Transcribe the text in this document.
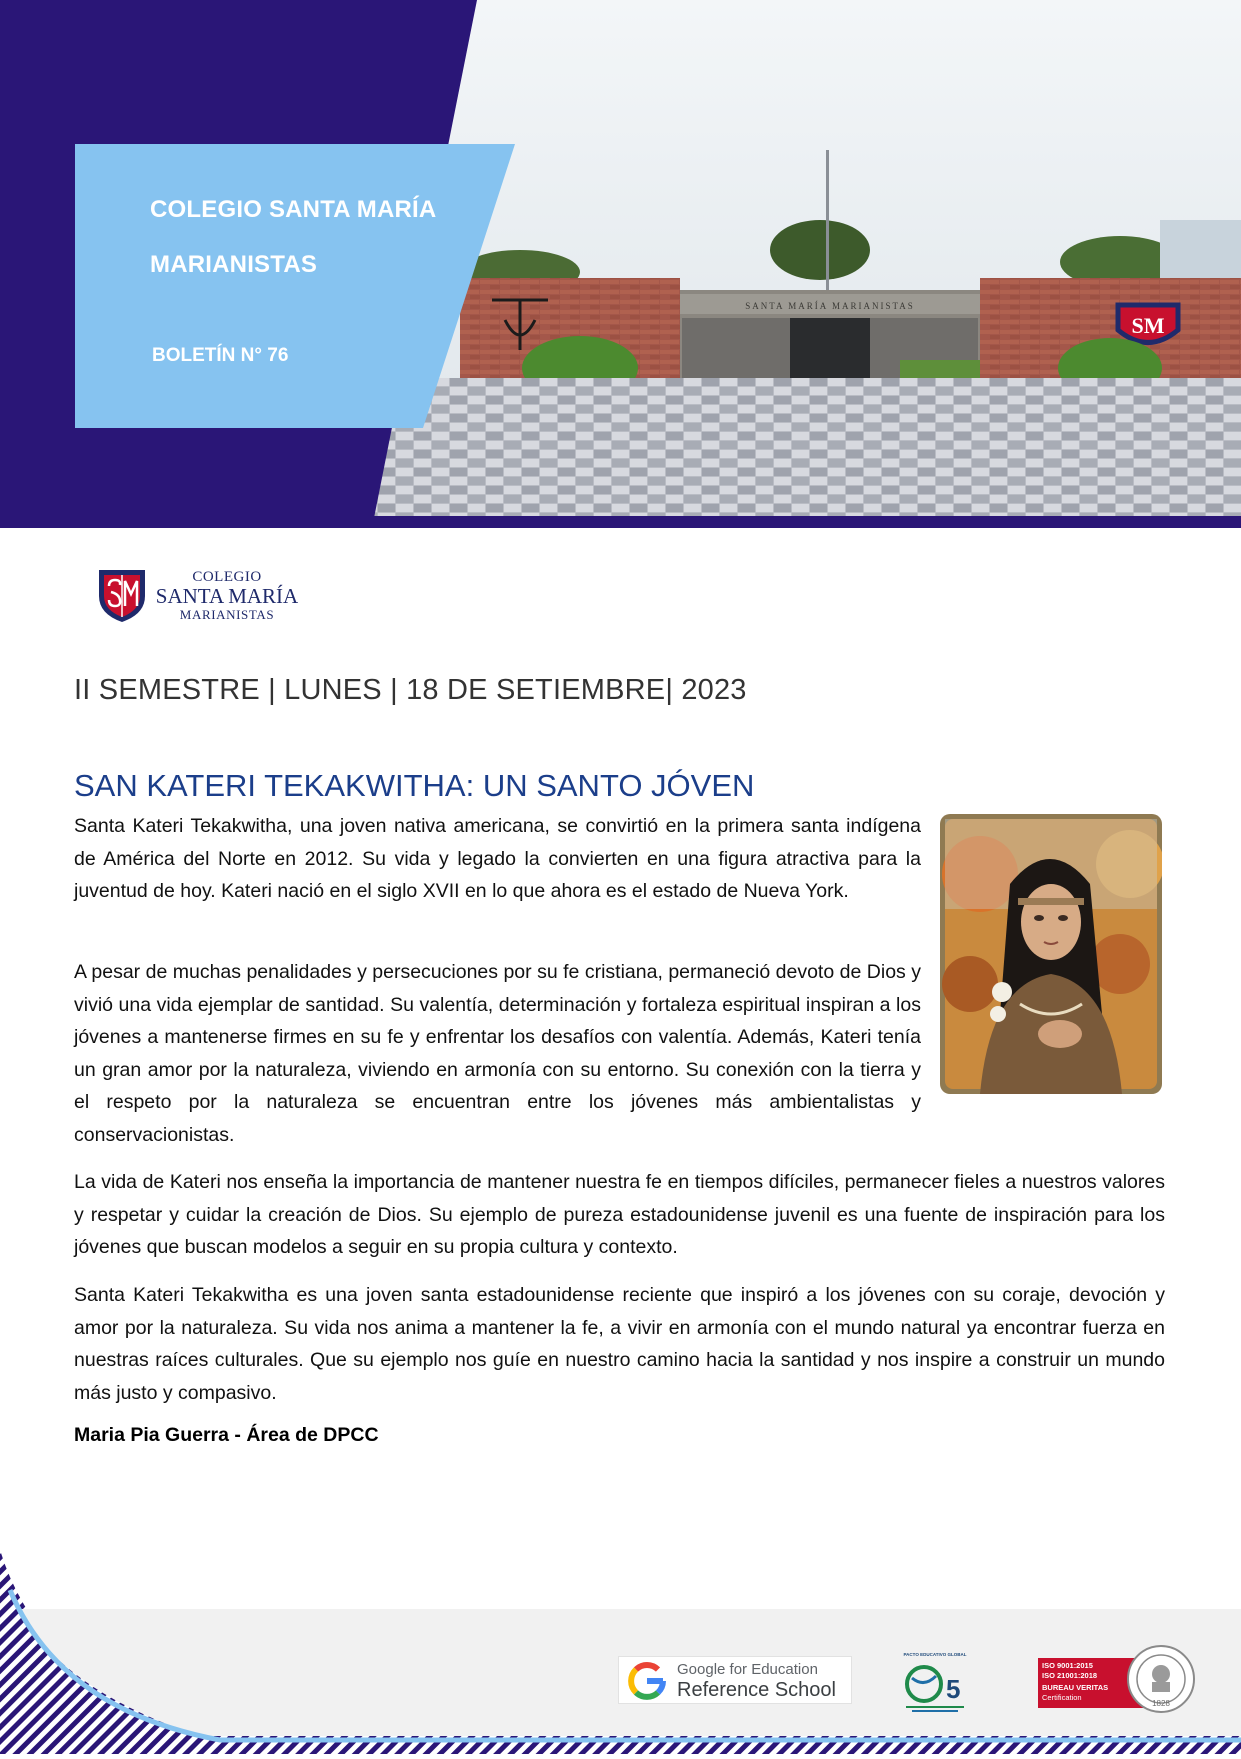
SANTA MARÍA MARIANISTAS
SM
COLEGIO SANTA MARÍA
MARIANISTAS
BOLETÍN N° 76
COLEGIO
SANTA MARÍA
MARIANISTAS
II SEMESTRE | LUNES | 18 DE SETIEMBRE| 2023
SAN KATERI TEKAKWITHA: UN SANTO JÓVEN

Santa Kateri Tekakwitha, una joven nativa americana, se convirtió en la primera santa indígena de América del Norte en 2012. Su vida y legado la convierten en una figura atractiva para la juventud de hoy. Kateri nació en el siglo XVII en lo que ahora es el estado de Nueva York.

A pesar de muchas penalidades y persecuciones por su fe cristiana, permaneció devoto de Dios y vivió una vida ejemplar de santidad. Su valentía, determinación y fortaleza espiritual inspiran a los jóvenes a mantenerse firmes en su fe y enfrentar los desafíos con valentía. Además, Kateri tenía un gran amor por la naturaleza, viviendo en armonía con su entorno. Su conexión con la tierra y el respeto por la naturaleza se encuentran entre los jóvenes más ambientalistas y conservacionistas.

La vida de Kateri nos enseña la importancia de mantener nuestra fe en tiempos difíciles, permanecer fieles a nuestros valores y respetar y cuidar la creación de Dios. Su ejemplo de pureza estadounidense juvenil es una fuente de inspiración para los jóvenes que buscan modelos a seguir en su propia cultura y contexto.

Santa Kateri Tekakwitha es una joven santa estadounidense reciente que inspiró a los jóvenes con su coraje, devoción y amor por la naturaleza. Su vida nos anima a mantener la fe, a vivir en armonía con el mundo natural ya encontrar fuerza en nuestras raíces culturales. Que su ejemplo nos guíe en nuestro camino hacia la santidad y nos inspire a construir un mundo más justo y compasivo.

Maria Pia Guerra - Área de DPCC
Google for Education
Reference School
PACTO EDUCATIVO GLOBAL
5
ISO 9001:2015
ISO 21001:2018
BUREAU VERITAS
Certification
1828
